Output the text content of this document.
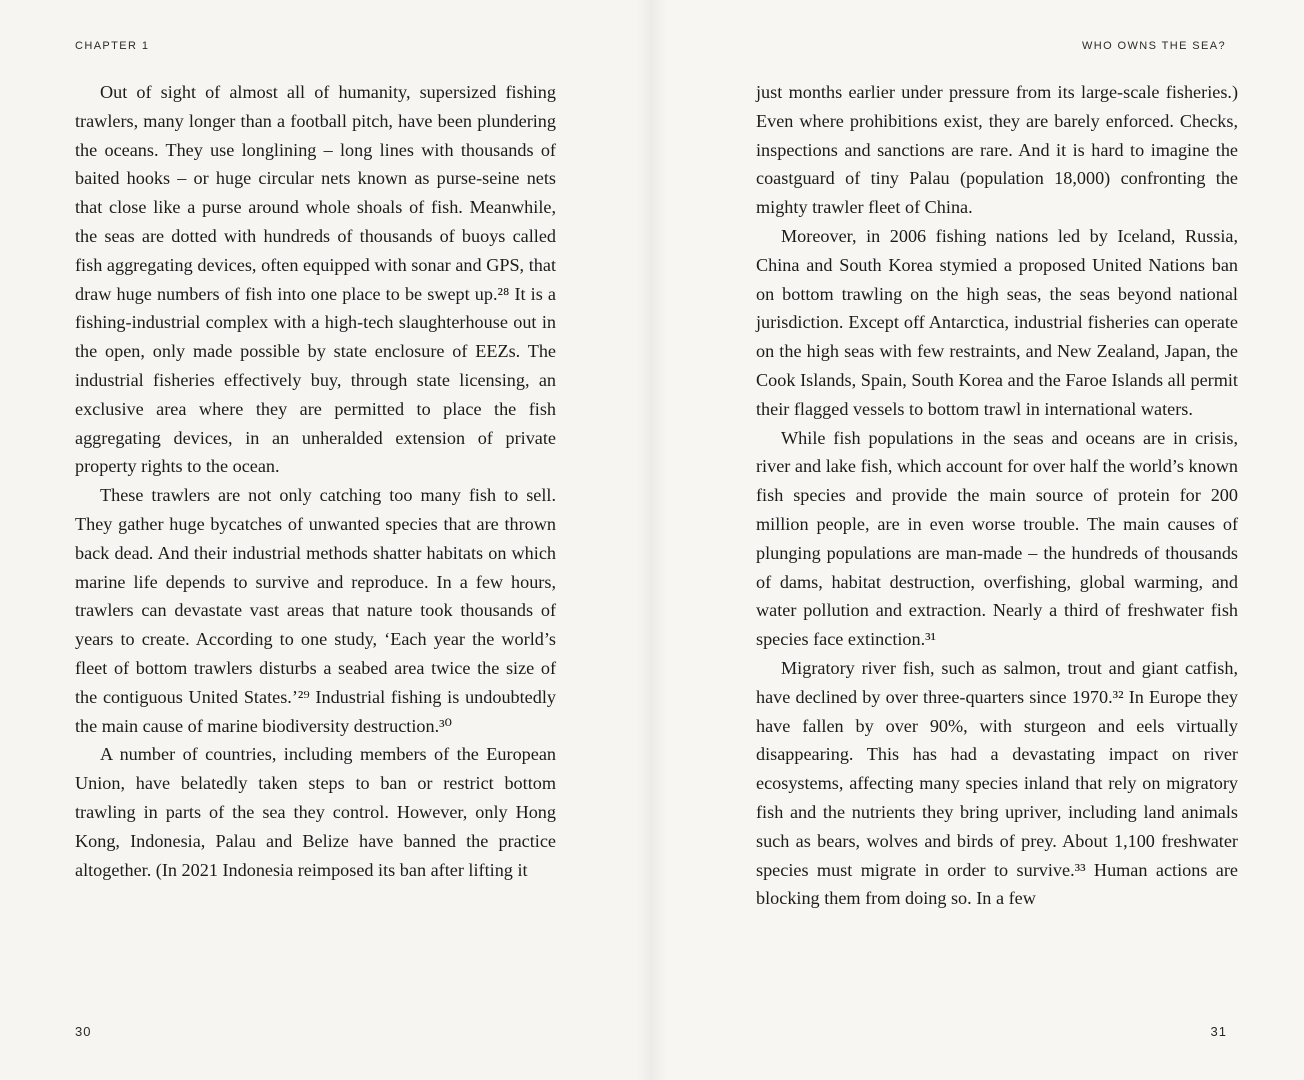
CHAPTER 1

Out of sight of almost all of humanity, supersized fishing trawlers, many longer than a football pitch, have been plundering the oceans. They use longlining – long lines with thousands of baited hooks – or huge circular nets known as purse-seine nets that close like a purse around whole shoals of fish. Meanwhile, the seas are dotted with hundreds of thousands of buoys called fish aggregating devices, often equipped with sonar and GPS, that draw huge numbers of fish into one place to be swept up.²⁸ It is a fishing-industrial complex with a high-tech slaughterhouse out in the open, only made possible by state enclosure of EEZs. The industrial fisheries effectively buy, through state licensing, an exclusive area where they are permitted to place the fish aggregating devices, in an unheralded extension of private property rights to the ocean.

These trawlers are not only catching too many fish to sell. They gather huge bycatches of unwanted species that are thrown back dead. And their industrial methods shatter habitats on which marine life depends to survive and reproduce. In a few hours, trawlers can devastate vast areas that nature took thousands of years to create. According to one study, ‘Each year the world’s fleet of bottom trawlers disturbs a seabed area twice the size of the contiguous United States.’²⁹ Industrial fishing is undoubtedly the main cause of marine biodiversity destruction.³⁰

A number of countries, including members of the European Union, have belatedly taken steps to ban or restrict bottom trawling in parts of the sea they control. However, only Hong Kong, Indonesia, Palau and Belize have banned the practice altogether. (In 2021 Indonesia reimposed its ban after lifting it

30
WHO OWNS THE SEA?

just months earlier under pressure from its large-scale fisheries.) Even where prohibitions exist, they are barely enforced. Checks, inspections and sanctions are rare. And it is hard to imagine the coastguard of tiny Palau (population 18,000) confronting the mighty trawler fleet of China.

Moreover, in 2006 fishing nations led by Iceland, Russia, China and South Korea stymied a proposed United Nations ban on bottom trawling on the high seas, the seas beyond national jurisdiction. Except off Antarctica, industrial fisheries can operate on the high seas with few restraints, and New Zealand, Japan, the Cook Islands, Spain, South Korea and the Faroe Islands all permit their flagged vessels to bottom trawl in international waters.

While fish populations in the seas and oceans are in crisis, river and lake fish, which account for over half the world’s known fish species and provide the main source of protein for 200 million people, are in even worse trouble. The main causes of plunging populations are man-made – the hundreds of thousands of dams, habitat destruction, overfishing, global warming, and water pollution and extraction. Nearly a third of freshwater fish species face extinction.³¹

Migratory river fish, such as salmon, trout and giant catfish, have declined by over three-quarters since 1970.³² In Europe they have fallen by over 90%, with sturgeon and eels virtually disappearing. This has had a devastating impact on river ecosystems, affecting many species inland that rely on migratory fish and the nutrients they bring upriver, including land animals such as bears, wolves and birds of prey. About 1,100 freshwater species must migrate in order to survive.³³ Human actions are blocking them from doing so. In a few

31
